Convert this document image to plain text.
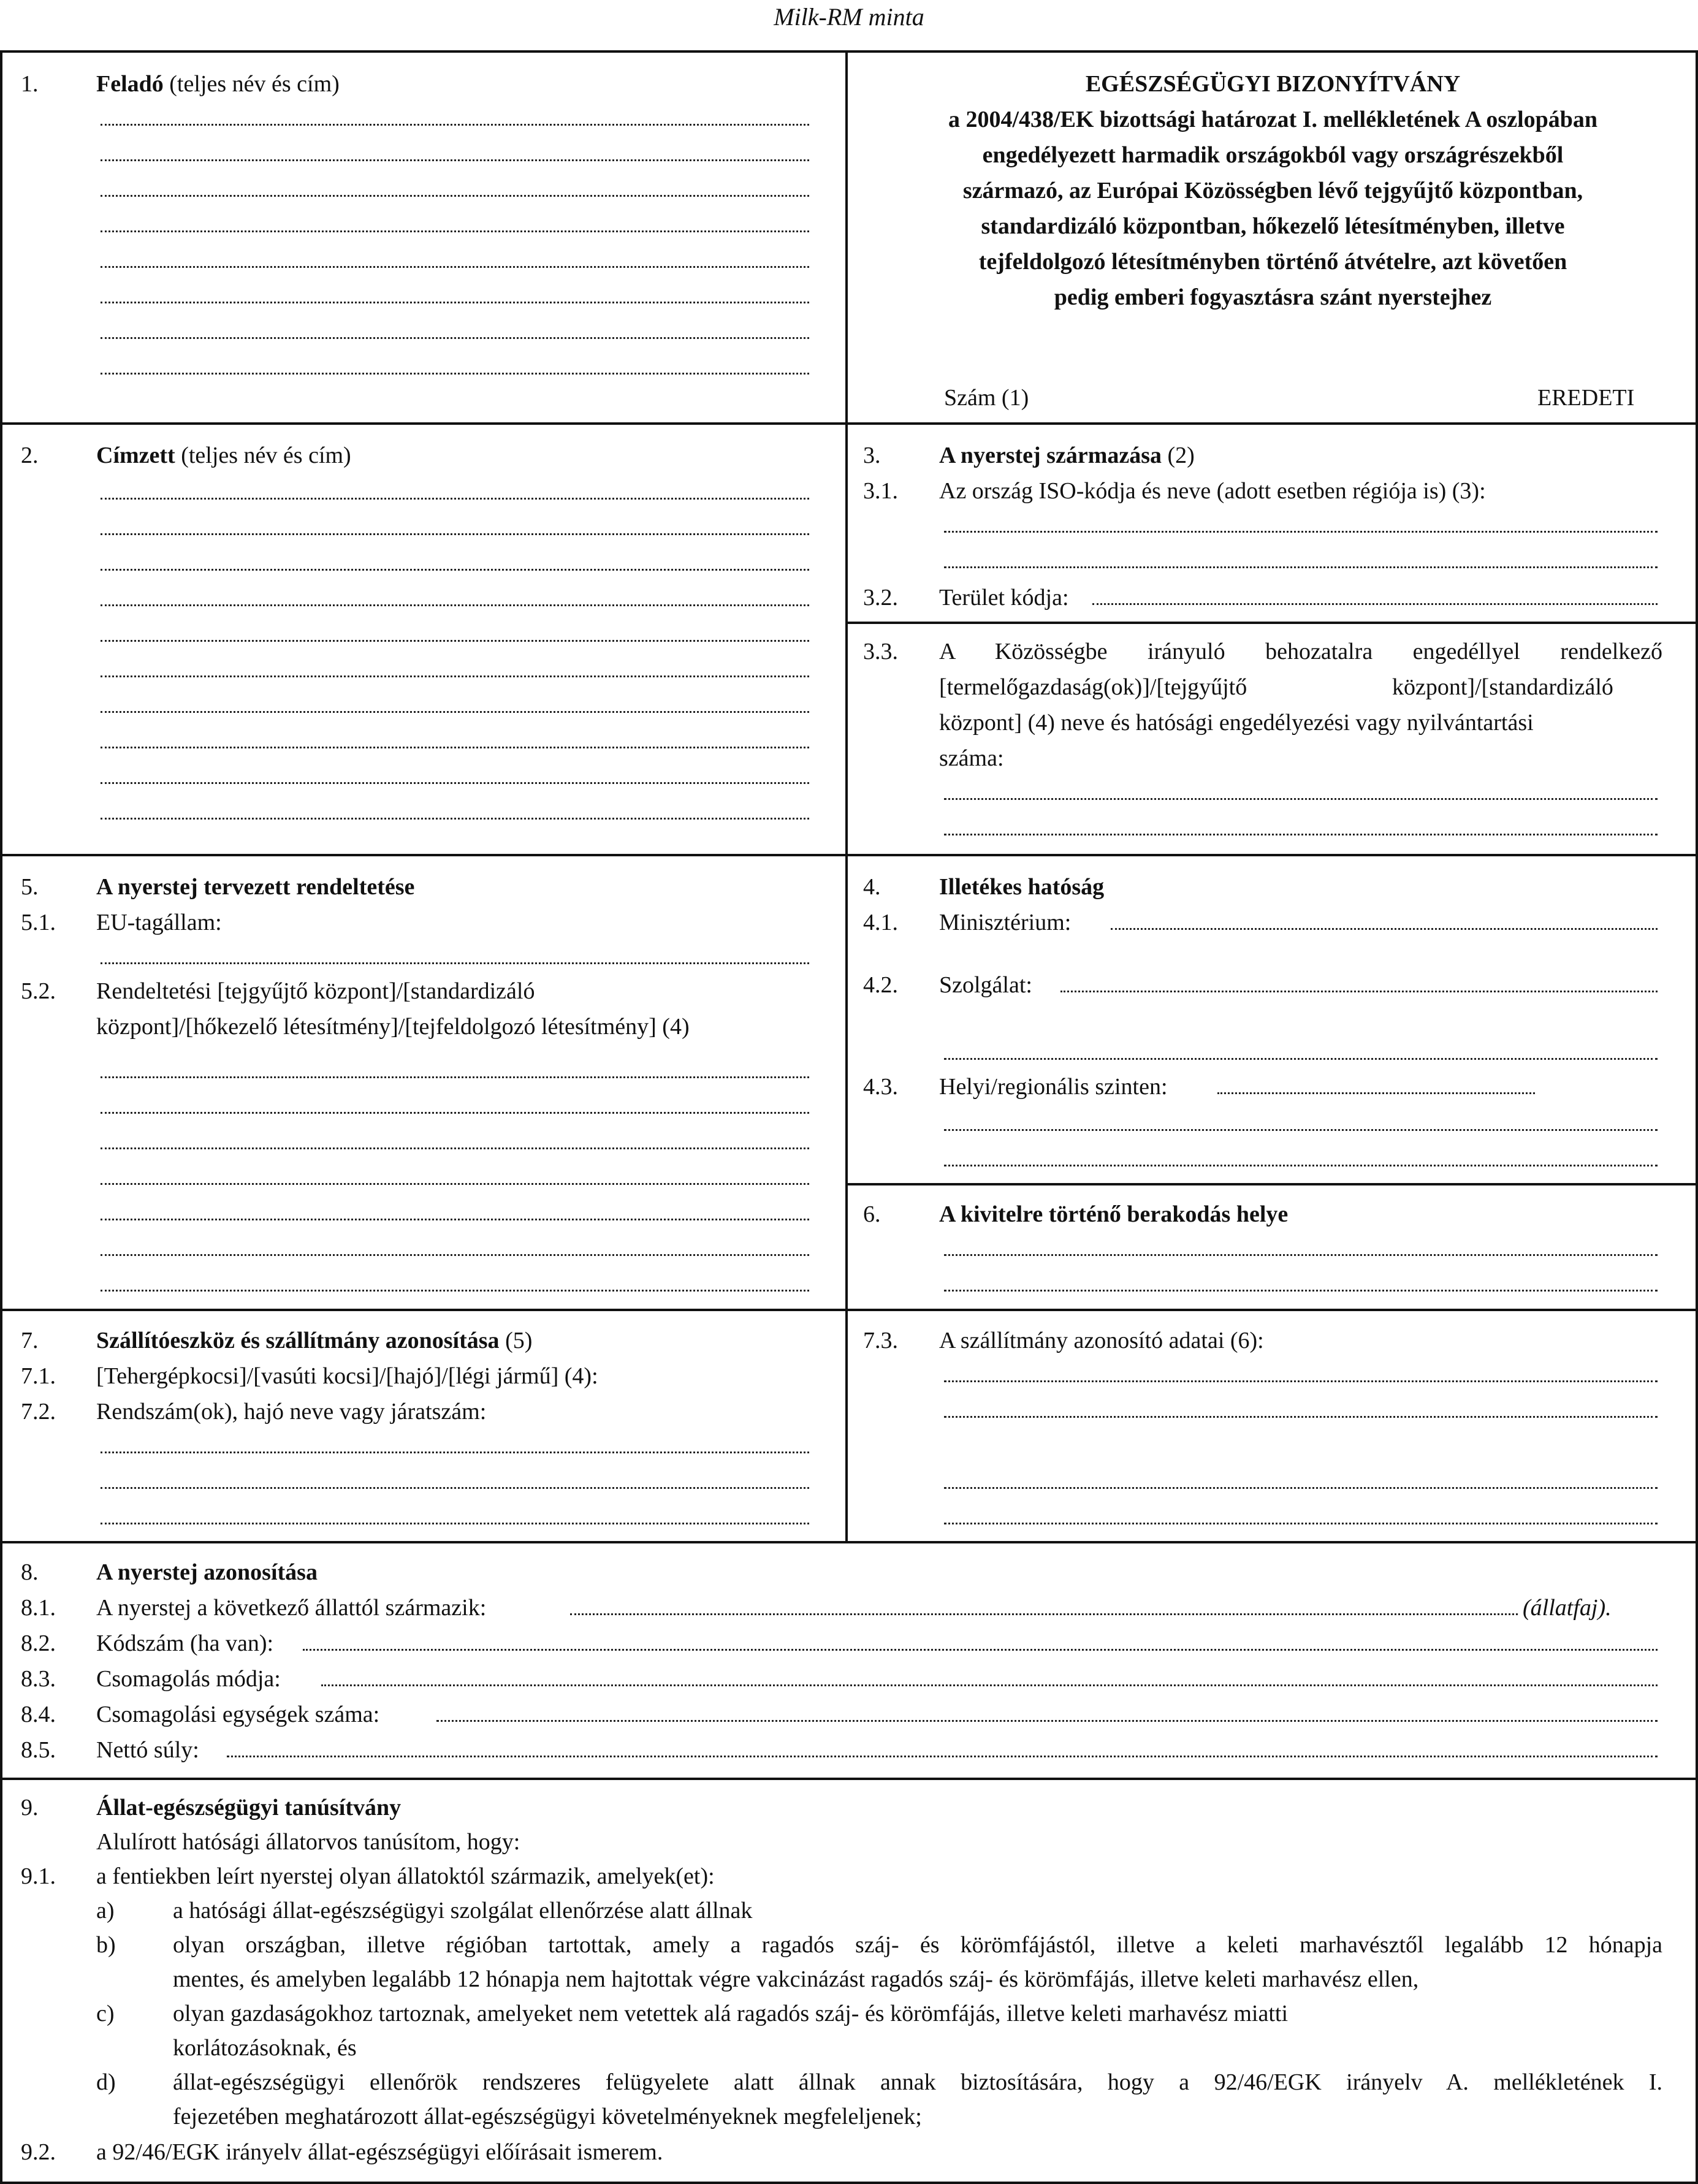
Milk-RM minta
1. Feladó (teljes név és cím)	EGÉSZSÉGÜGYI BIZONYÍTVÁNY
a 2004/438/EK bizottsági határozat I. mellékletének A oszlopában
engedélyezett harmadik országokból vagy országrészekből
származó, az Európai Közösségben lévő tejgyűjtő központban,
standardizáló központban, hőkezelő létesítményben, illetve
tejfeldolgozó létesítményben történő átvételre, azt követően
pedig emberi fogyasztásra szánt nyerstejhez
Szám (1)	EREDETI
2. Címzett (teljes név és cím)	3.	A nyerstej származása (2)
3.1. Az ország ISO-kódja és neve (adott esetben régiója is) (3):
3.2. Terület kódja:
3.3. A Közösségbe irányuló behozatalra engedéllyel rendelkező
[termelőgazdaság(ok)]/[tejgyűjtő	központ]/[standardizáló
központ] (4) neve és hatósági engedélyezési vagy nyilvántartási
száma:
5. A nyerstej tervezett rendeltetése
5.1. EU-tagállam:
5.2. Rendeltetési [tejgyűjtő központ]/[standardizáló
központ]/[hőkezelő létesítmény]/[tejfeldolgozó létesítmény] (4)
4.	Illetékes hatóság
4.1. Minisztérium:
4.2. Szolgálat:
4.3. Helyi/regionális szinten:
6.	A kivitelre történő berakodás helye
7. Szállítóeszköz és szállítmány azonosítása (5)
7.1. [Tehergépkocsi]/[vasúti kocsi]/[hajó]/[légi jármű] (4):
7.2. Rendszám(ok), hajó neve vagy járatszám:
7.3. A szállítmány azonosító adatai (6):
8. A nyerstej azonosítása
8.1. A nyerstej a következő állattól származik:	(állatfaj).
8.2. Kódszám (ha van):
8.3. Csomagolás módja:
8.4. Csomagolási egységek száma:
8.5. Nettó súly:
9. Állat-egészségügyi tanúsítvány
Alulírott hatósági állatorvos tanúsítom, hogy:
9.1. a fentiekben leírt nyerstej olyan állatoktól származik, amelyek(et):
a)	a hatósági állat-egészségügyi szolgálat ellenőrzése alatt állnak
b) olyan országban, illetve régióban tartottak, amely a ragadós száj- és körömfájástól, illetve a keleti marhavésztől legalább 12 hónapja
mentes, és amelyben legalább 12 hónapja nem hajtottak végre vakcinázást ragadós száj- és körömfájás, illetve keleti marhavész ellen,
c)	olyan gazdaságokhoz tartoznak, amelyeket nem vetettek alá ragadós száj- és körömfájás, illetve keleti marhavész miatti
korlátozásoknak, és
d) állat-egészségügyi ellenőrök rendszeres felügyelete alatt állnak annak biztosítására, hogy a 92/46/EGK irányelv A. mellékletének I.
fejezetében meghatározott állat-egészségügyi követelményeknek megfeleljenek;
9.2. a 92/46/EGK irányelv állat-egészségügyi előírásait ismerem.
